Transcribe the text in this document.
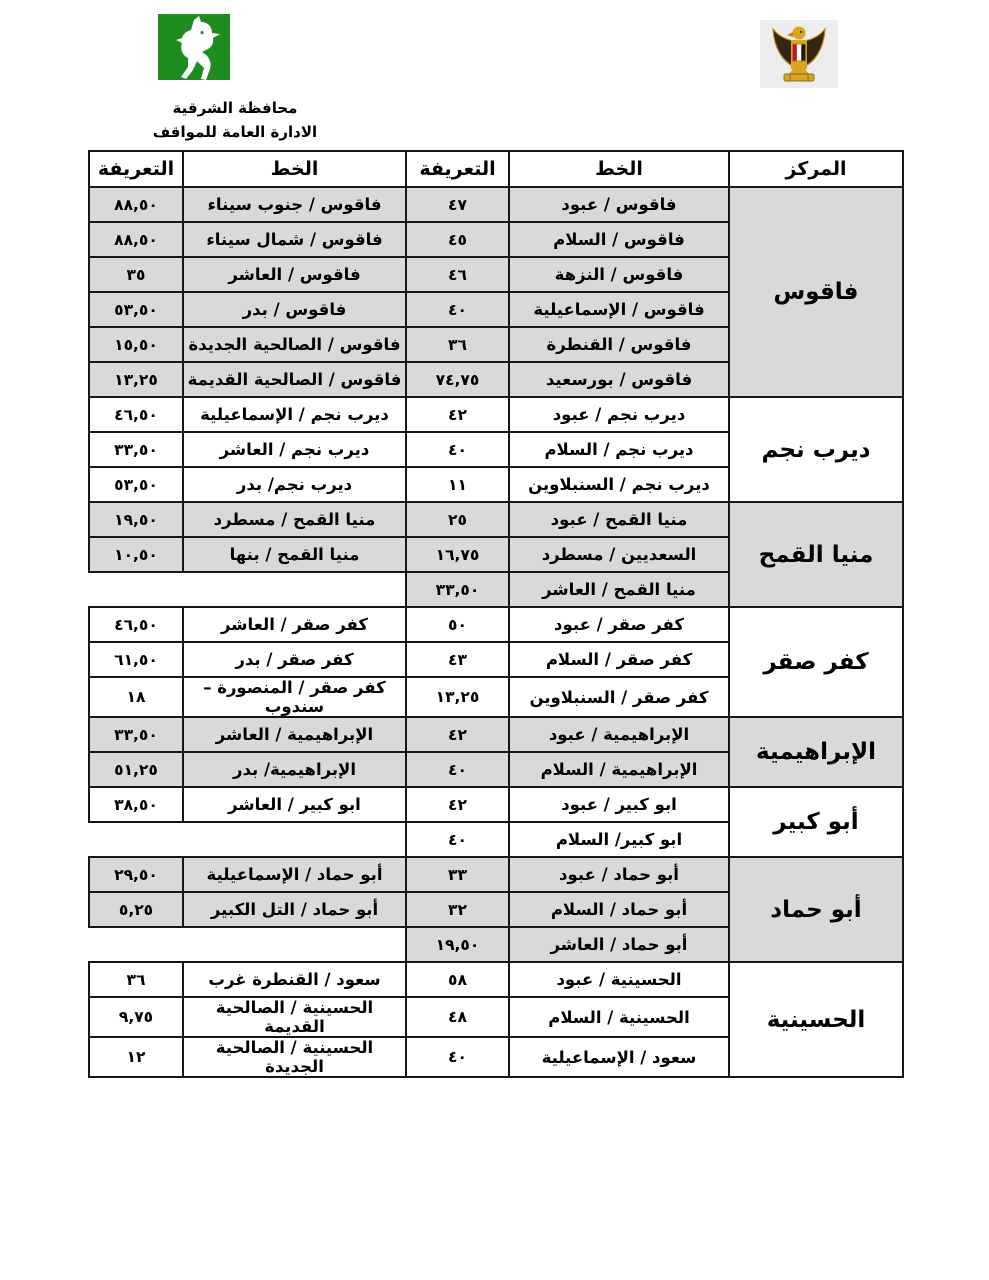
محافظة الشرقية
الادارة العامة للمواقف
المركز	الخط	التعريفة	الخط	التعريفة
فاقوس	فاقوس / عبود	٤٧	فاقوس / جنوب سيناء	٨٨,٥٠
	فاقوس / السلام	٤٥	فاقوس / شمال سيناء	٨٨,٥٠
	فاقوس / النزهة	٤٦	فاقوس / العاشر	٣٥
	فاقوس / الإسماعيلية	٤٠	فاقوس / بدر	٥٣,٥٠
	فاقوس / القنطرة	٣٦	فاقوس / الصالحية الجديدة	١٥,٥٠
	فاقوس / بورسعيد	٧٤,٧٥	فاقوس / الصالحية القديمة	١٣,٢٥
ديرب نجم	ديرب نجم / عبود	٤٢	ديرب نجم / الإسماعيلية	٤٦,٥٠
	ديرب نجم / السلام	٤٠	ديرب نجم / العاشر	٣٣,٥٠
	ديرب نجم / السنبلاوين	١١	ديرب نجم/ بدر	٥٣,٥٠
منيا القمح	منيا القمح / عبود	٢٥	منيا القمح / مسطرد	١٩,٥٠
	السعديين / مسطرد	١٦,٧٥	منيا القمح / بنها	١٠,٥٠
	منيا القمح / العاشر	٣٣,٥٠		
كفر صقر	كفر صقر / عبود	٥٠	كفر صقر / العاشر	٤٦,٥٠
	كفر صقر / السلام	٤٣	كفر صقر / بدر	٦١,٥٠
	كفر صقر / السنبلاوين	١٣,٢٥	كفر صقر / المنصورة – سندوب	١٨
الإبراهيمية	الإبراهيمية / عبود	٤٢	الإبراهيمية / العاشر	٣٣,٥٠
	الإبراهيمية / السلام	٤٠	الإبراهيمية/ بدر	٥١,٢٥
أبو كبير	ابو كبير / عبود	٤٢	ابو كبير / العاشر	٣٨,٥٠
	ابو كبير/ السلام	٤٠		
أبو حماد	أبو حماد / عبود	٣٣	أبو حماد / الإسماعيلية	٢٩,٥٠
	أبو حماد / السلام	٣٢	أبو حماد / التل الكبير	٥,٢٥
	أبو حماد / العاشر	١٩,٥٠		
الحسينية	الحسينية / عبود	٥٨	سعود / القنطرة غرب	٣٦
	الحسينية / السلام	٤٨	الحسينية / الصالحية القديمة	٩,٧٥
	سعود / الإسماعيلية	٤٠	الحسينية / الصالحية الجديدة	١٢
